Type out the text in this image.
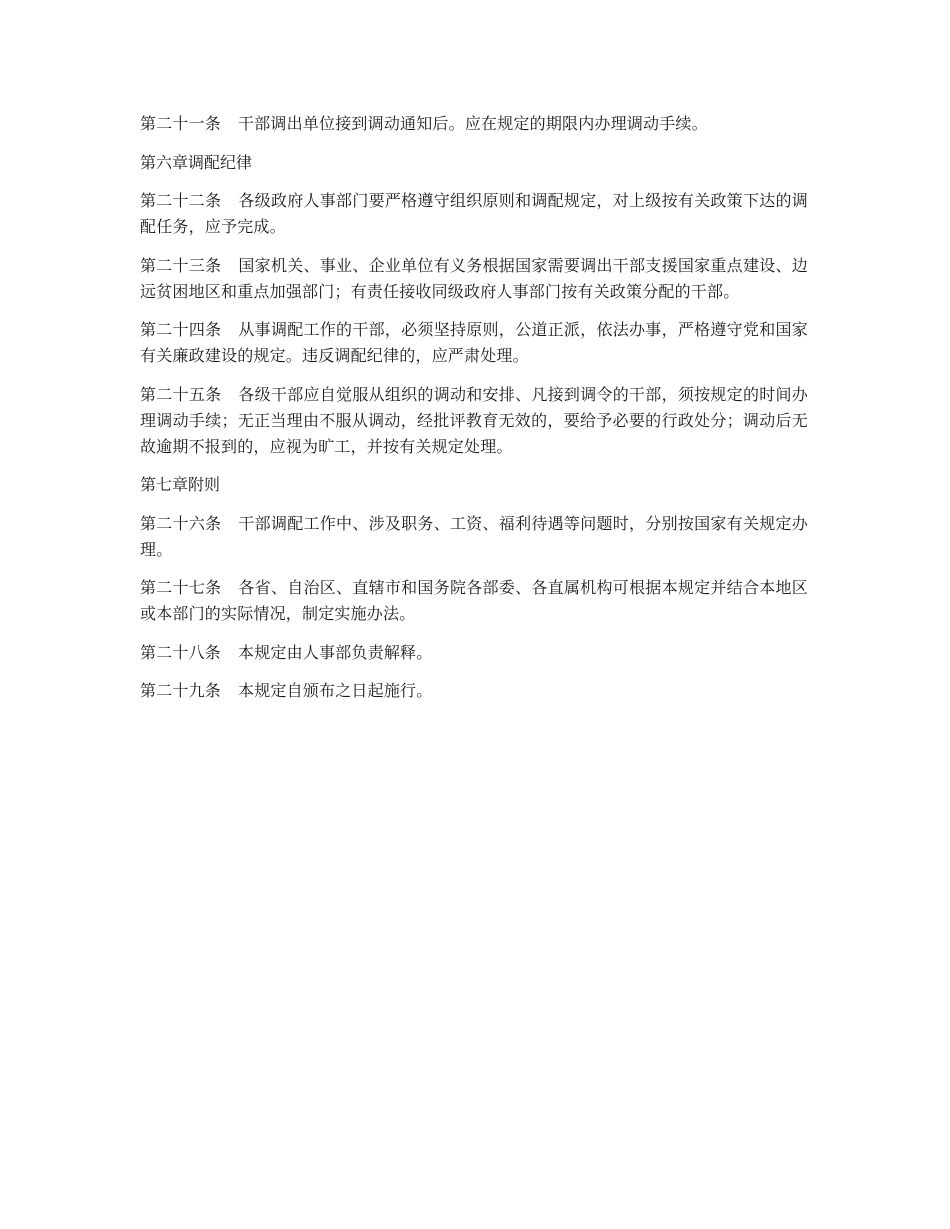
第二十一条 干部调出单位接到调动通知后。应在规定的期限内办理调动手续。

第六章调配纪律

第二十二条 各级政府人事部门要严格遵守组织原则和调配规定，对上级按有关政策下达的调配任务，应予完成。

第二十三条 国家机关、事业、企业单位有义务根据国家需要调出干部支援国家重点建设、边远贫困地区和重点加强部门；有责任接收同级政府人事部门按有关政策分配的干部。

第二十四条 从事调配工作的干部，必须坚持原则，公道正派，依法办事，严格遵守党和国家有关廉政建设的规定。违反调配纪律的，应严肃处理。

第二十五条 各级干部应自觉服从组织的调动和安排、凡接到调令的干部，须按规定的时间办理调动手续；无正当理由不服从调动，经批评教育无效的，要给予必要的行政处分；调动后无故逾期不报到的，应视为旷工，并按有关规定处理。

第七章附则

第二十六条 干部调配工作中、涉及职务、工资、福利待遇等问题时，分别按国家有关规定办理。

第二十七条 各省、自治区、直辖市和国务院各部委、各直属机构可根据本规定并结合本地区或本部门的实际情况，制定实施办法。

第二十八条 本规定由人事部负责解释。

第二十九条 本规定自颁布之日起施行。
